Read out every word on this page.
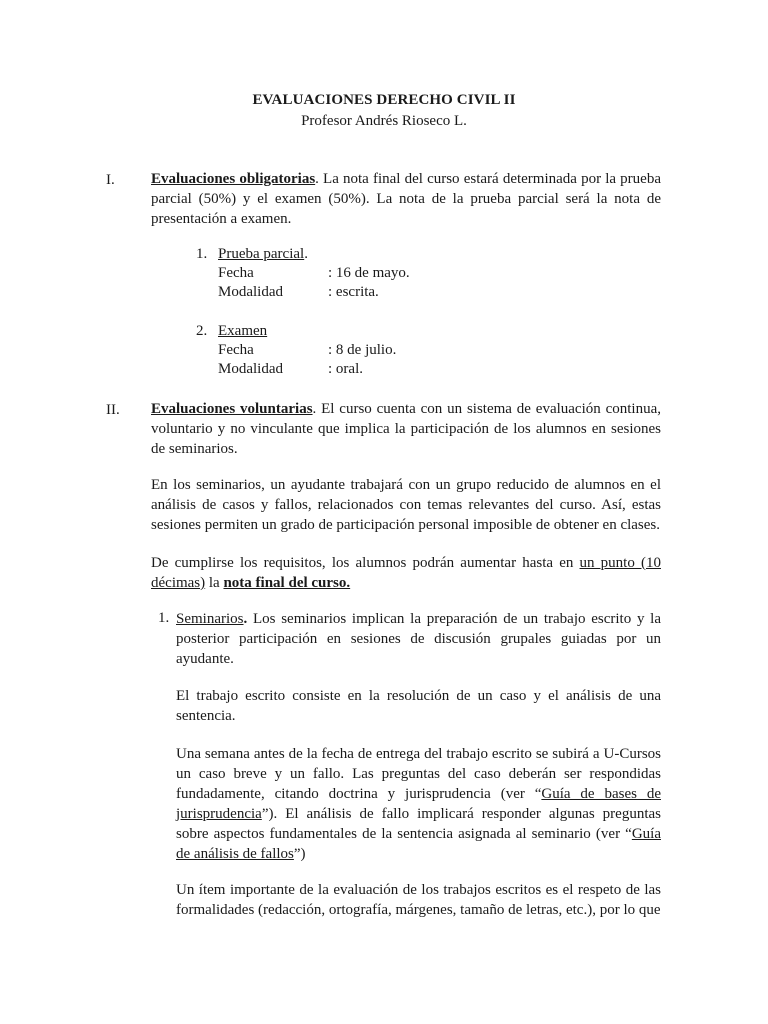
EVALUACIONES DERECHO CIVIL II
Profesor Andrés Rioseco L.
I. Evaluaciones obligatorias. La nota final del curso estará determinada por la prueba parcial (50%) y el examen (50%). La nota de la prueba parcial será la nota de presentación a examen.
1. Prueba parcial.
Fecha	: 16 de mayo.
Modalidad	: escrita.
2. Examen
Fecha	: 8 de julio.
Modalidad	: oral.
II. Evaluaciones voluntarias. El curso cuenta con un sistema de evaluación continua, voluntario y no vinculante que implica la participación de los alumnos en sesiones de seminarios.
En los seminarios, un ayudante trabajará con un grupo reducido de alumnos en el análisis de casos y fallos, relacionados con temas relevantes del curso. Así, estas sesiones permiten un grado de participación personal imposible de obtener en clases.
De cumplirse los requisitos, los alumnos podrán aumentar hasta en un punto (10 décimas) la nota final del curso.
1. Seminarios. Los seminarios implican la preparación de un trabajo escrito y la posterior participación en sesiones de discusión grupales guiadas por un ayudante.
El trabajo escrito consiste en la resolución de un caso y el análisis de una sentencia.
Una semana antes de la fecha de entrega del trabajo escrito se subirá a U-Cursos un caso breve y un fallo. Las preguntas del caso deberán ser respondidas fundadamente, citando doctrina y jurisprudencia (ver “Guía de bases de jurisprudencia”). El análisis de fallo implicará responder algunas preguntas sobre aspectos fundamentales de la sentencia asignada al seminario (ver “Guía de análisis de fallos”)
Un ítem importante de la evaluación de los trabajos escritos es el respeto de las formalidades (redacción, ortografía, márgenes, tamaño de letras, etc.), por lo que
